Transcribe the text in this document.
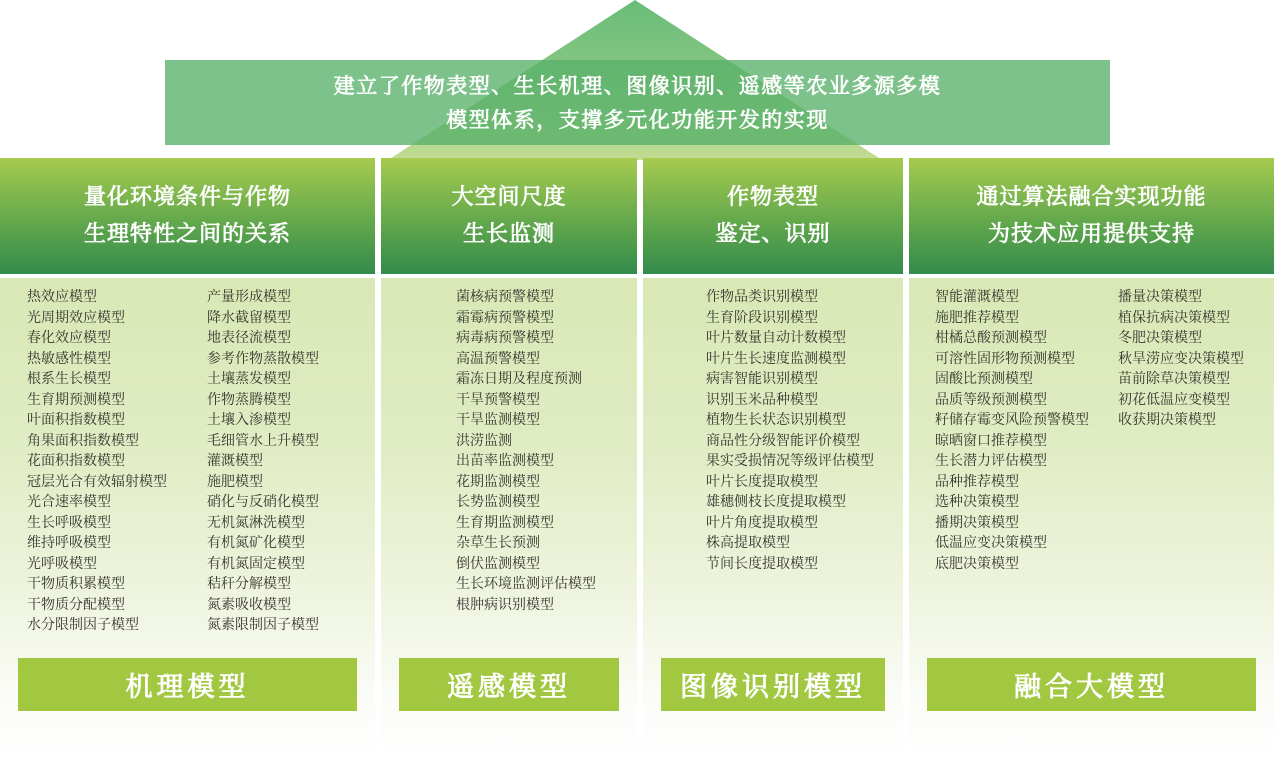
建立了作物表型、生长机理、图像识别、遥感等农业多源多模
模型体系，支撑多元化功能开发的实现
量化环境条件与作物
生理特性之间的关系
热效应模型
光周期效应模型
春化效应模型
热敏感性模型
根系生长模型
生育期预测模型
叶面积指数模型
角果面积指数模型
花面积指数模型
冠层光合有效辐射模型
光合速率模型
生长呼吸模型
维持呼吸模型
光呼吸模型
干物质积累模型
干物质分配模型
水分限制因子模型
产量形成模型
降水截留模型
地表径流模型
参考作物蒸散模型
土壤蒸发模型
作物蒸腾模型
土壤入渗模型
毛细管水上升模型
灌溉模型
施肥模型
硝化与反硝化模型
无机氮淋洗模型
有机氮矿化模型
有机氮固定模型
秸秆分解模型
氮素吸收模型
氮素限制因子模型
机理模型
大空间尺度
生长监测
菌核病预警模型
霜霉病预警模型
病毒病预警模型
高温预警模型
霜冻日期及程度预测
干旱预警模型
干旱监测模型
洪涝监测
出苗率监测模型
花期监测模型
长势监测模型
生育期监测模型
杂草生长预测
倒伏监测模型
生长环境监测评估模型
根肿病识别模型
遥感模型
作物表型
鉴定、识别
作物品类识别模型
生育阶段识别模型
叶片数量自动计数模型
叶片生长速度监测模型
病害智能识别模型
识别玉米品种模型
植物生长状态识别模型
商品性分级智能评价模型
果实受损情况等级评估模型
叶片长度提取模型
雄穗侧枝长度提取模型
叶片角度提取模型
株高提取模型
节间长度提取模型
图像识别模型
通过算法融合实现功能
为技术应用提供支持
智能灌溉模型
施肥推荐模型
柑橘总酸预测模型
可溶性固形物预测模型
固酸比预测模型
品质等级预测模型
籽储存霉变风险预警模型
晾晒窗口推荐模型
生长潜力评估模型
品种推荐模型
选种决策模型
播期决策模型
低温应变决策模型
底肥决策模型
播量决策模型
植保抗病决策模型
冬肥决策模型
秋旱涝应变决策模型
苗前除草决策模型
初花低温应变模型
收获期决策模型
融合大模型
